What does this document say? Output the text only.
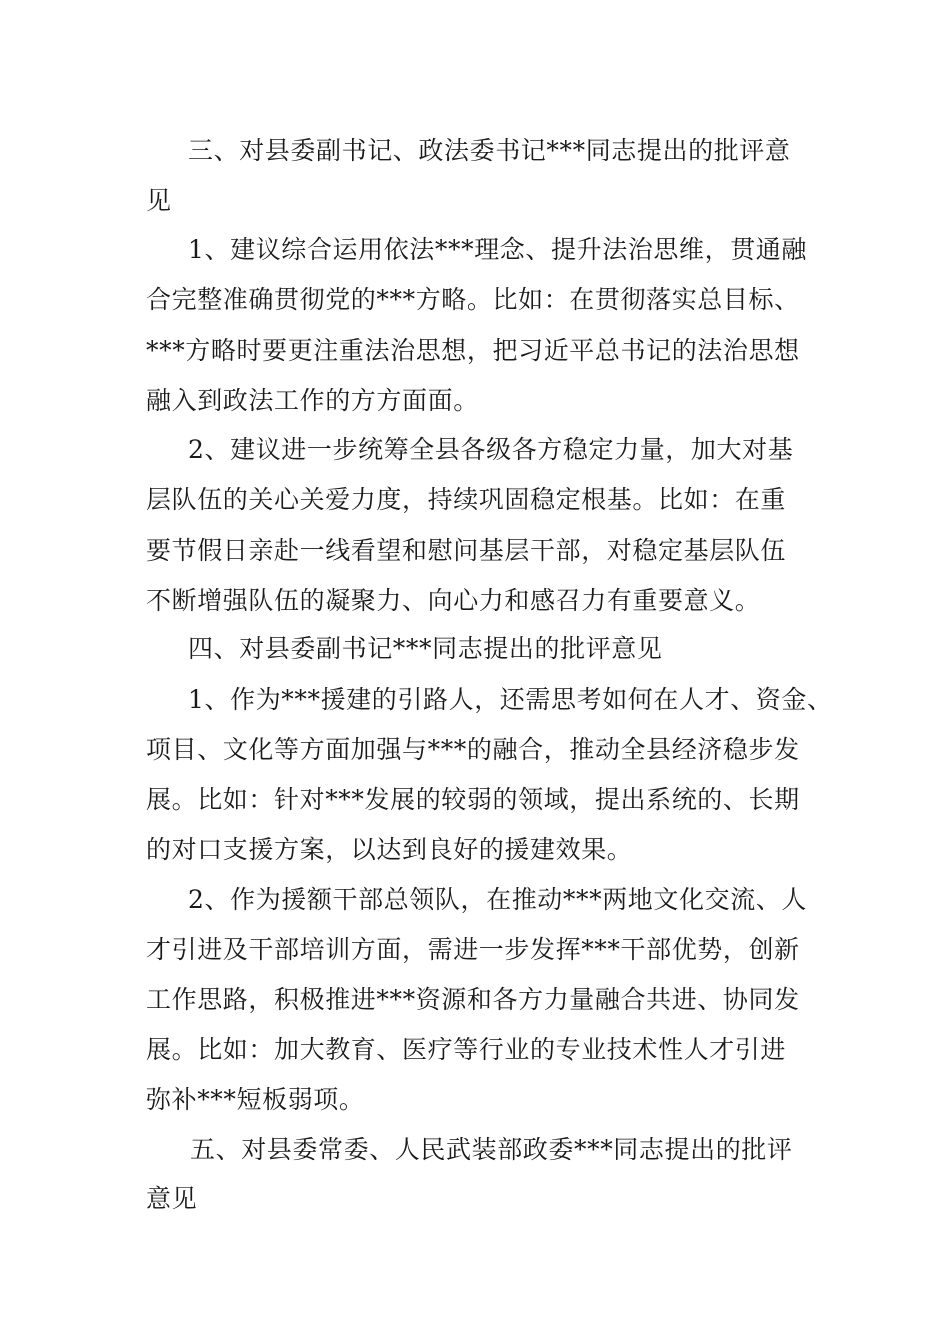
三、对县委副书记、政法委书记***同志提出的批评意
见
1、建议综合运用依法***理念、提升法治思维，贯通融
合完整准确贯彻党的***方略。比如：在贯彻落实总目标、
***方略时要更注重法治思想，把习近平总书记的法治思想
融入到政法工作的方方面面。
2、建议进一步统筹全县各级各方稳定力量，加大对基
层队伍的关心关爱力度，持续巩固稳定根基。比如：在重
要节假日亲赴一线看望和慰问基层干部，对稳定基层队伍
不断增强队伍的凝聚力、向心力和感召力有重要意义。
四、对县委副书记***同志提出的批评意见
1、作为***援建的引路人，还需思考如何在人才、资金、
项目、文化等方面加强与***的融合，推动全县经济稳步发
展。比如：针对***发展的较弱的领域，提出系统的、长期
的对口支援方案，以达到良好的援建效果。
2、作为援额干部总领队，在推动***两地文化交流、人
才引进及干部培训方面，需进一步发挥***干部优势，创新
工作思路，积极推进***资源和各方力量融合共进、协同发
展。比如：加大教育、医疗等行业的专业技术性人才引进
弥补***短板弱项。
五、对县委常委、人民武装部政委***同志提出的批评
意见
